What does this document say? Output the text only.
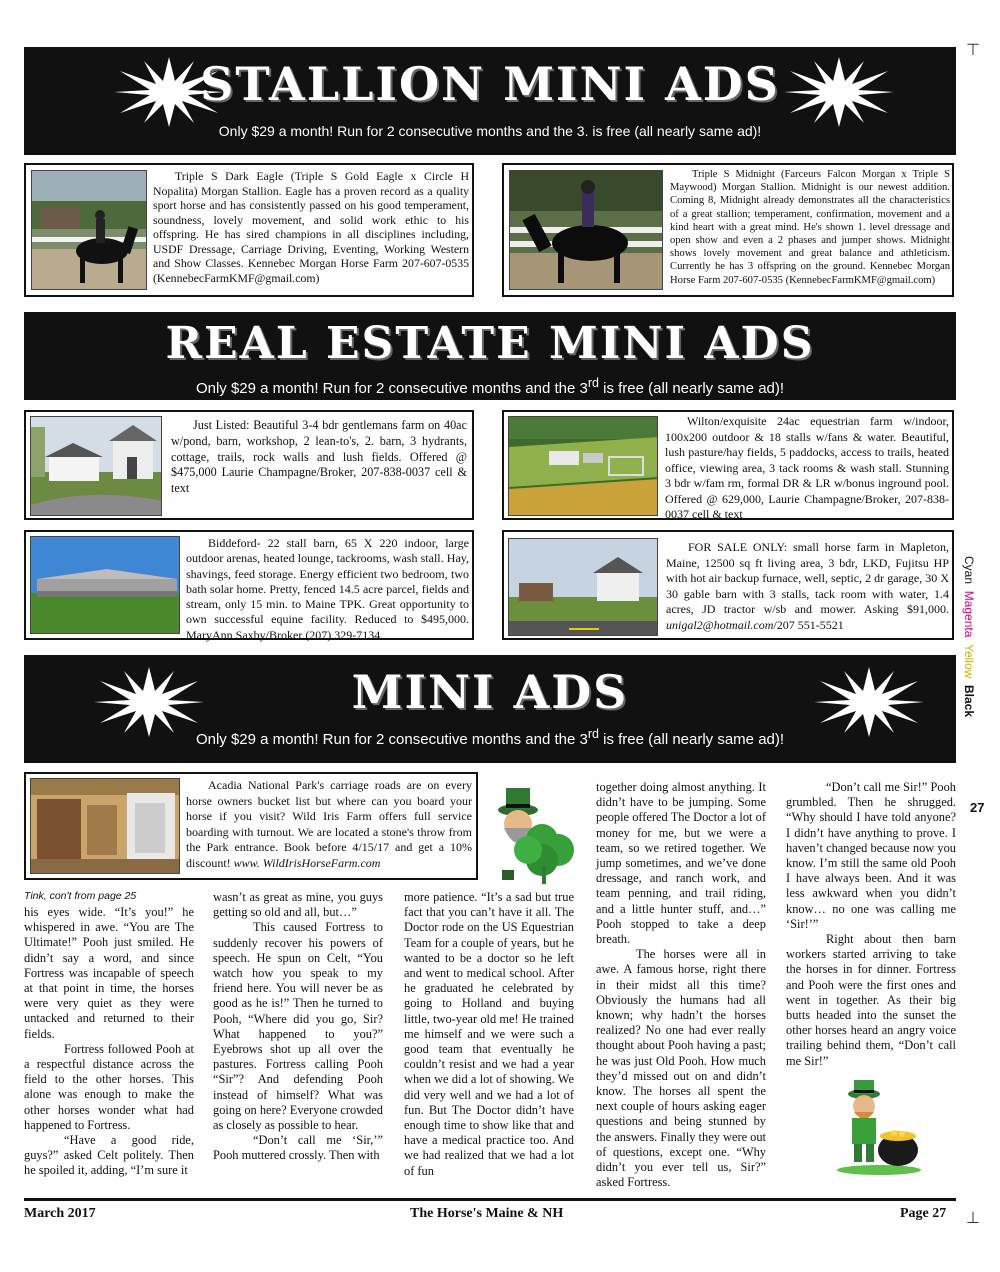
⊤
⊥
STALLION MINI ADS
Only $29 a month! Run for 2 consecutive months and the 3. is free (all nearly same ad)!
Triple S Dark Eagle (Triple S Gold Eagle x Circle H Nopalita) Morgan Stallion. Eagle has a proven record as a quality sport horse and has consistently passed on his good temperament, soundness, lovely movement, and solid work ethic to his offspring. He has sired champions in all disciplines including, USDF Dressage, Carriage Driving, Eventing, Working Western and Show Classes. Kennebec Morgan Horse Farm 207-607-0535 (KennebecFarmKMF@gmail.com)
Triple S Midnight (Farceurs Falcon Morgan x Triple S Maywood) Morgan Stallion. Midnight is our newest addition. Coming 8, Midnight already demonstrates all the characteristics of a great stallion; temperament, confirmation, movement and a kind heart with a great mind. He's shown 1. level dressage and open show and even a 2 phases and jumper shows. Midnight shows lovely movement and great balance and athleticism. Currently he has 3 offspring on the ground. Kennebec Morgan Horse Farm 207-607-0535 (KennebecFarmKMF@gmail.com)
REAL ESTATE MINI ADS
Only $29 a month! Run for 2 consecutive months and the 3rd is free (all nearly same ad)!
Just Listed: Beautiful 3-4 bdr gentlemans farm on 40ac w/pond, barn, workshop, 2 lean-to's, 2. barn, 3 hydrants, cottage, trails, rock walls and lush fields. Offered @ $475,000 Laurie Champagne/Broker, 207-838-0037 cell & text
Wilton/exquisite 24ac equestrian farm w/indoor, 100x200 outdoor & 18 stalls w/fans & water. Beautiful, lush pasture/hay fields, 5 paddocks, access to trails, heated office, viewing area, 3 tack rooms & wash stall. Stunning 3 bdr w/fam rm, formal DR & LR w/bonus inground pool. Offered @ 629,000, Laurie Champagne/Broker, 207-838-0037 cell & text
Biddeford- 22 stall barn, 65 X 220 indoor, large outdoor arenas, heated lounge, tackrooms, wash stall. Hay, shavings, feed storage. Energy efficient two bedroom, two bath solar home. Pretty, fenced 14.5 acre parcel, fields and stream, only 15 min. to Maine TPK. Great opportunity to own successful equine facility. Reduced to $495,000. MaryAnn Saxby/Broker (207) 329-7134.
FOR SALE ONLY: small horse farm in Mapleton, Maine, 12500 sq ft living area, 3 bdr, LKD, Fujitsu HP with hot air backup furnace, well, septic, 2 dr garage, 30 X 30 gable barn with 3 stalls, tack room with water, 1.4 acres, JD tractor w/sb and mower. Asking $91,000. unigal2@hotmail.com/207 551-5521
MINI ADS
Only $29 a month! Run for 2 consecutive months and the 3rd is free (all nearly same ad)!
Acadia National Park's carriage roads are on every horse owners bucket list but where can you board your horse if you visit? Wild Iris Farm offers full service boarding with turnout. We are located a stone's throw from the Park entrance. Book before 4/15/17 and get a 10% discount! www. WildIrisHorseFarm.com
Tink, con't from page 25

his eyes wide. “It’s you!” he whispered in awe. “You are The Ultimate!” Pooh just smiled. He didn’t say a word, and since Fortress was incapable of speech at that point in time, the horses were very quiet as they were untacked and returned to their fields.

Fortress followed Pooh at a respectful distance across the field to the other horses. This alone was enough to make the other horses wonder what had happened to Fortress.

“Have a good ride, guys?” asked Celt politely. Then he spoiled it, adding, “I’m sure it

wasn’t as great as mine, you guys getting so old and all, but…”

This caused Fortress to suddenly recover his powers of speech. He spun on Celt, “You watch how you speak to my friend here. You will never be as good as he is!” Then he turned to Pooh, “Where did you go, Sir? What happened to you?” Eyebrows shot up all over the pastures. Fortress calling Pooh “Sir”? And defending Pooh instead of himself? What was going on here? Everyone crowded as closely as possible to hear.

“Don’t call me ‘Sir,’” Pooh muttered crossly. Then with

more patience. “It’s a sad but true fact that you can’t have it all. The Doctor rode on the US Equestrian Team for a couple of years, but he wanted to be a doctor so he left and went to medical school. After he graduated he celebrated by going to Holland and buying little, two-year old me! He trained me himself and we were such a good team that eventually he couldn’t resist and we had a year when we did a lot of showing. We did very well and we had a lot of fun. But The Doctor didn’t have enough time to show like that and have a medical practice too. And we had realized that we had a lot of fun

together doing almost anything. It didn’t have to be jumping. Some people offered The Doctor a lot of money for me, but we were a team, so we retired together. We jump sometimes, and we’ve done dressage, and ranch work, and team penning, and trail riding, and a little hunter stuff, and…” Pooh stopped to take a deep breath.

The horses were all in awe. A famous horse, right there in their midst all this time? Obviously the humans had all known; why hadn’t the horses realized? No one had ever really thought about Pooh having a past; he was just Old Pooh. How much they’d missed out on and didn’t know. The horses all spent the next couple of hours asking eager questions and being stunned by the answers. Finally they were out of questions, except one. “Why didn’t you ever tell us, Sir?” asked Fortress.

“Don’t call me Sir!” Pooh grumbled. Then he shrugged. “Why should I have told anyone? I didn’t have anything to prove. I haven’t changed because now you know. I’m still the same old Pooh I have always been. And it was less awkward when you didn’t know… no one was calling me ‘Sir!’”

Right about then barn workers started arriving to take the horses in for dinner. Fortress and Pooh were the first ones and went in together. As their big butts headed into the sunset the other horses heard an angry voice trailing behind them, “Don’t call me Sir!”

Cyan  Magenta  Yellow  Black
27
March 2017	The Horse's Maine & NH	Page 27
